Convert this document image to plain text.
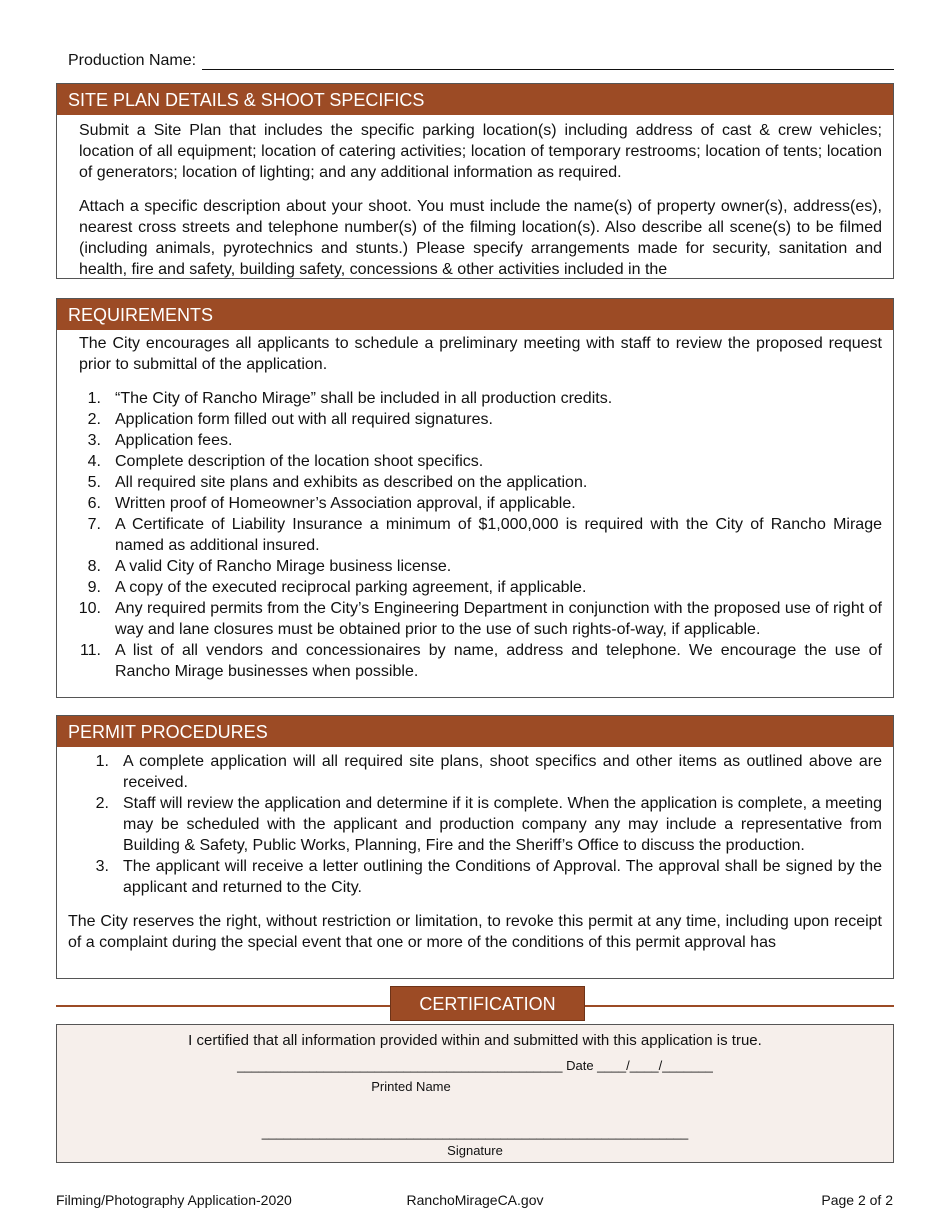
Production Name:
SITE PLAN DETAILS & SHOOT SPECIFICS

Submit a Site Plan that includes the specific parking location(s) including address of cast & crew vehicles; location of all equipment; location of catering activities; location of temporary restrooms; location of tents; location of generators; location of lighting; and any additional information as required.

Attach a specific description about your shoot. You must include the name(s) of property owner(s), address(es), nearest cross streets and telephone number(s) of the filming location(s). Also describe all scene(s) to be filmed (including animals, pyrotechnics and stunts.) Please specify arrangements made for security, sanitation and health, fire and safety, building safety, concessions & other activities included in the

REQUIREMENTS

The City encourages all applicants to schedule a preliminary meeting with staff to review the proposed request prior to submittal of the application.

1. “The City of Rancho Mirage” shall be included in all production credits.
2. Application form filled out with all required signatures.
3. Application fees.
4. Complete description of the location shoot specifics.
5. All required site plans and exhibits as described on the application.
6. Written proof of Homeowner’s Association approval, if applicable.
7. A Certificate of Liability Insurance a minimum of $1,000,000 is required with the City of Rancho Mirage named as additional insured.
8. A valid City of Rancho Mirage business license.
9. A copy of the executed reciprocal parking agreement, if applicable.
10. Any required permits from the City’s Engineering Department in conjunction with the proposed use of right of way and lane closures must be obtained prior to the use of such rights-of-way, if applicable.
11. A list of all vendors and concessionaires by name, address and telephone. We encourage the use of Rancho Mirage businesses when possible.
PERMIT PROCEDURES
1. A complete application will all required site plans, shoot specifics and other items as outlined above are received.
2. Staff will review the application and determine if it is complete. When the application is complete, a meeting may be scheduled with the applicant and production company any may include a representative from Building & Safety, Public Works, Planning, Fire and the Sheriff’s Office to discuss the production.
3. The applicant will receive a letter outlining the Conditions of Approval. The approval shall be signed by the applicant and returned to the City.

The City reserves the right, without restriction or limitation, to revoke this permit at any time, including upon receipt of a complaint during the special event that one or more of the conditions of this permit approval has

CERTIFICATION
I certified that all information provided within and submitted with this application is true.
_____________________________________________ Date ____/____/_______
Printed Name
___________________________________________________________
Signature
Filming/Photography Application-2020	RanchoMirageCA.gov	Page 2 of 2
